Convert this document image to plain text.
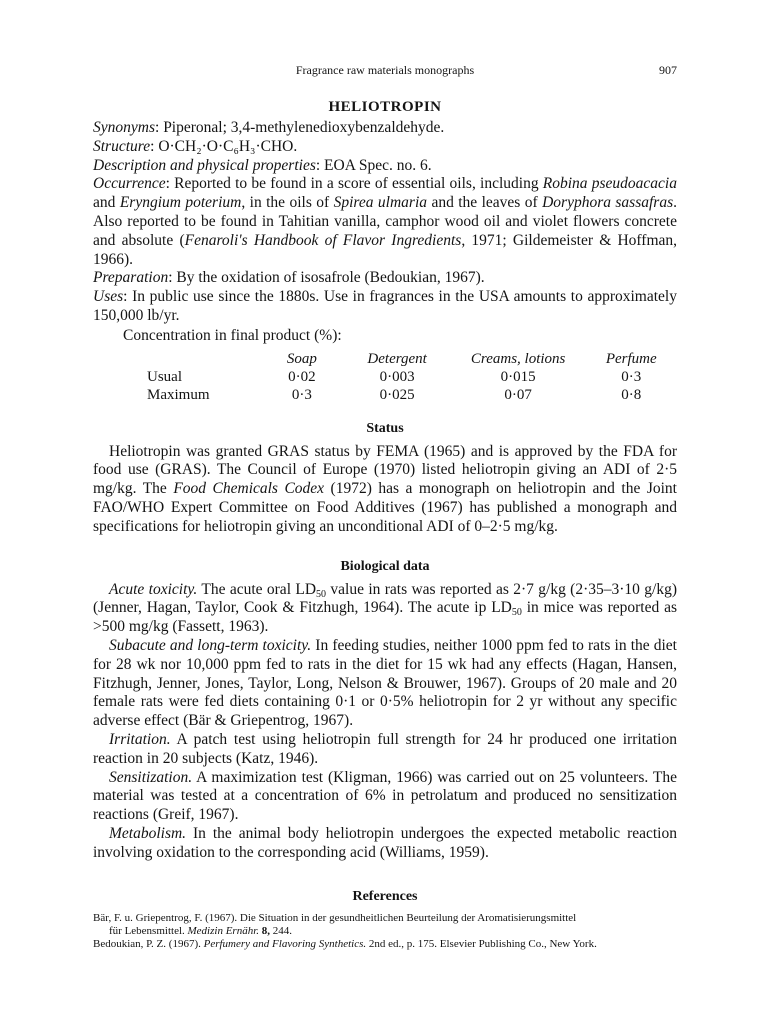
Fragrance raw materials monographs	907
HELIOTROPIN

Synonyms: Piperonal; 3,4-methylenedioxybenzaldehyde.

Structure: O·CH₂·O·C₆H₃·CHO.

Description and physical properties: EOA Spec. no. 6.

Occurrence: Reported to be found in a score of essential oils, including Robina pseudoacacia and Eryngium poterium, in the oils of Spirea ulmaria and the leaves of Doryphora sassafras. Also reported to be found in Tahitian vanilla, camphor wood oil and violet flowers concrete and absolute (Fenaroli's Handbook of Flavor Ingredients, 1971; Gildemeister & Hoffman, 1966).

Preparation: By the oxidation of isosafrole (Bedoukian, 1967).

Uses: In public use since the 1880s. Use in fragrances in the USA amounts to approximately 150,000 lb/yr.

Concentration in final product (%):

	Soap	Detergent	Creams, lotions	Perfume
Usual	0·02	0·003	0·015	0·3
Maximum	0·3	0·025	0·07	0·8
Status

Heliotropin was granted GRAS status by FEMA (1965) and is approved by the FDA for food use (GRAS). The Council of Europe (1970) listed heliotropin giving an ADI of 2·5 mg/kg. The Food Chemicals Codex (1972) has a monograph on heliotropin and the Joint FAO/WHO Expert Committee on Food Additives (1967) has published a monograph and specifications for heliotropin giving an unconditional ADI of 0–2·5 mg/kg.

Biological data

Acute toxicity. The acute oral $LD_{50}$ value in rats was reported as 2·7 g/kg (2·35–3·10 g/kg) (Jenner, Hagan, Taylor, Cook & Fitzhugh, 1964). The acute ip $LD_{50}$ in mice was reported as >500 mg/kg (Fassett, 1963).

Subacute and long-term toxicity. In feeding studies, neither 1000 ppm fed to rats in the diet for 28 wk nor 10,000 ppm fed to rats in the diet for 15 wk had any effects (Hagan, Hansen, Fitzhugh, Jenner, Jones, Taylor, Long, Nelson & Brouwer, 1967). Groups of 20 male and 20 female rats were fed diets containing 0·1 or 0·5% heliotropin for 2 yr without any specific adverse effect (Bär & Griepentrog, 1967).

Irritation. A patch test using heliotropin full strength for 24 hr produced one irritation reaction in 20 subjects (Katz, 1946).

Sensitization. A maximization test (Kligman, 1966) was carried out on 25 volunteers. The material was tested at a concentration of 6% in petrolatum and produced no sensitization reactions (Greif, 1967).

Metabolism. In the animal body heliotropin undergoes the expected metabolic reaction involving oxidation to the corresponding acid (Williams, 1959).

References

Bär, F. u. Griepentrog, F. (1967). Die Situation in der gesundheitlichen Beurteilung der Aromatisierungsmittel
für Lebensmittel. Medizin Ernähr. 8, 244.

Bedoukian, P. Z. (1967). Perfumery and Flavoring Synthetics. 2nd ed., p. 175. Elsevier Publishing Co., New York.
